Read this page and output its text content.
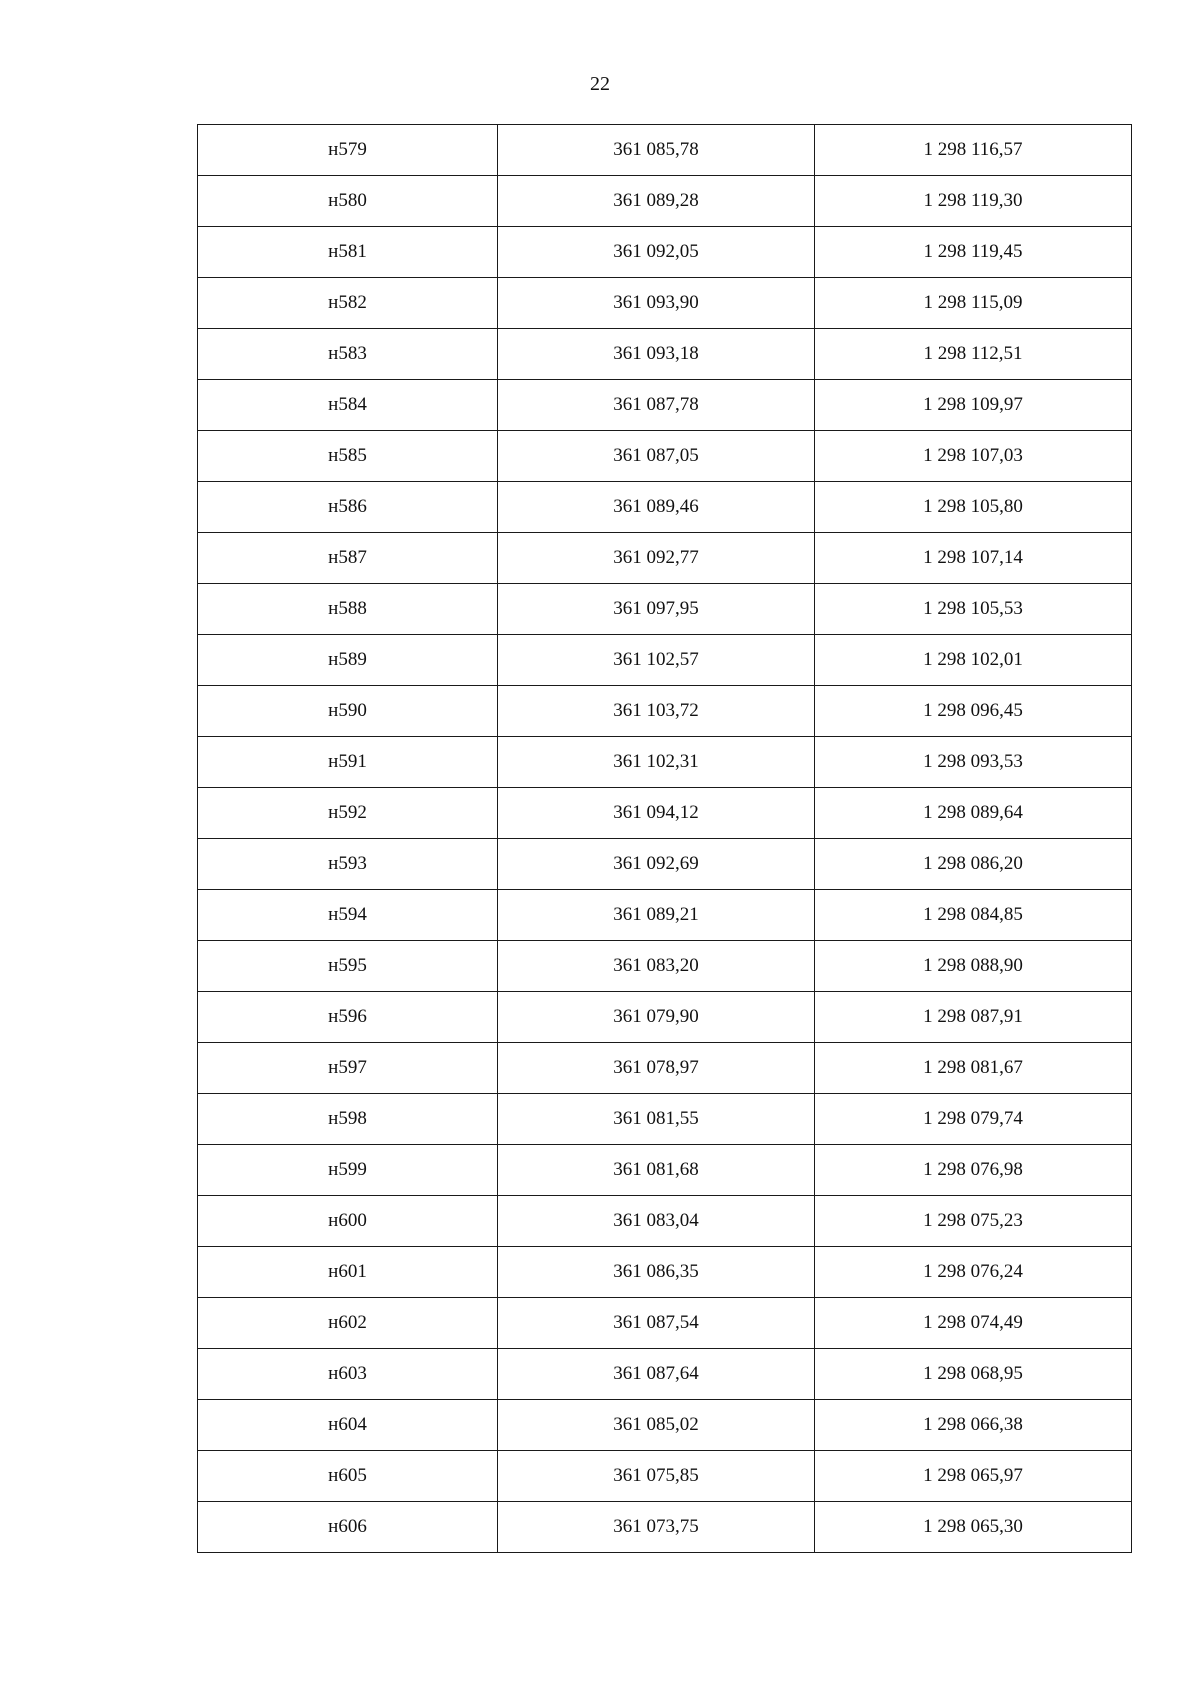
22
н579	361 085,78	1 298 116,57
н580	361 089,28	1 298 119,30
н581	361 092,05	1 298 119,45
н582	361 093,90	1 298 115,09
н583	361 093,18	1 298 112,51
н584	361 087,78	1 298 109,97
н585	361 087,05	1 298 107,03
н586	361 089,46	1 298 105,80
н587	361 092,77	1 298 107,14
н588	361 097,95	1 298 105,53
н589	361 102,57	1 298 102,01
н590	361 103,72	1 298 096,45
н591	361 102,31	1 298 093,53
н592	361 094,12	1 298 089,64
н593	361 092,69	1 298 086,20
н594	361 089,21	1 298 084,85
н595	361 083,20	1 298 088,90
н596	361 079,90	1 298 087,91
н597	361 078,97	1 298 081,67
н598	361 081,55	1 298 079,74
н599	361 081,68	1 298 076,98
н600	361 083,04	1 298 075,23
н601	361 086,35	1 298 076,24
н602	361 087,54	1 298 074,49
н603	361 087,64	1 298 068,95
н604	361 085,02	1 298 066,38
н605	361 075,85	1 298 065,97
н606	361 073,75	1 298 065,30
